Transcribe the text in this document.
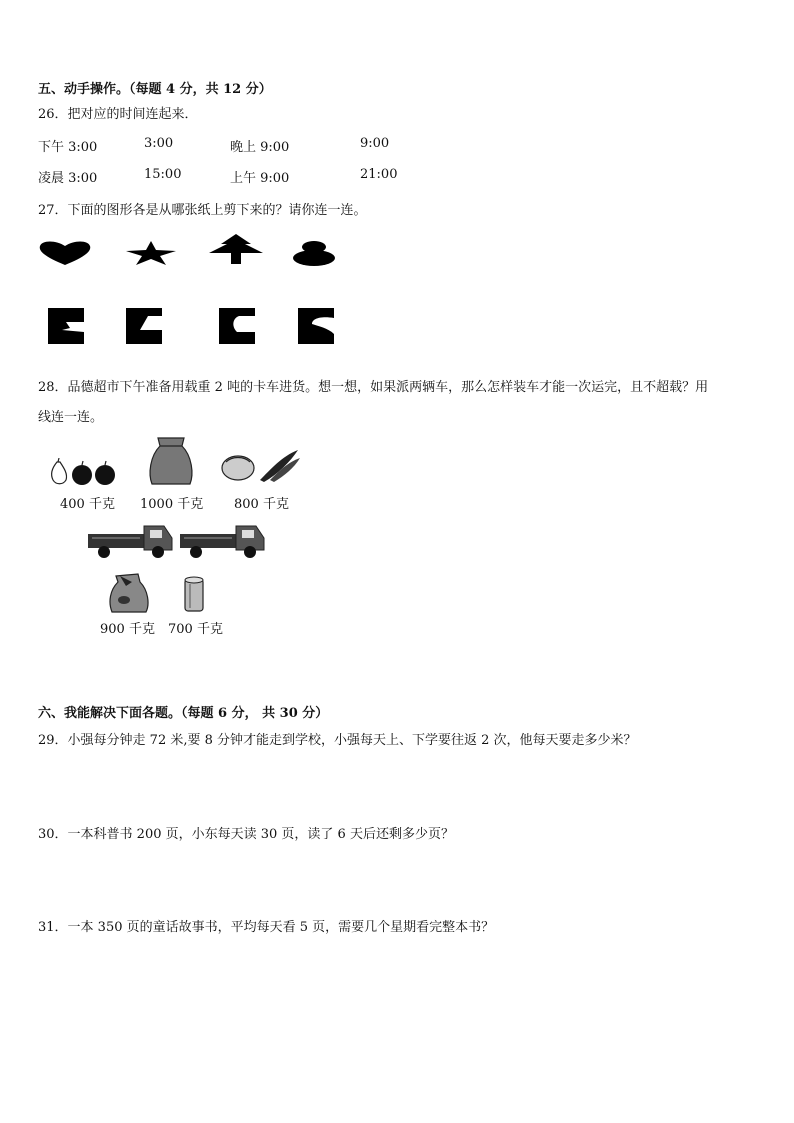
五、动手操作。（每题 4 分，共 12 分）
26．把对应的时间连起来．
下午 3:00	3:00	晚上 9:00	9:00
凌晨 3:00	15:00	上午 9:00	21:00
27．下面的图形各是从哪张纸上剪下来的？请你连一连。
28．品德超市下午准备用载重 2 吨的卡车进货。想一想，如果派两辆车，那么怎样装车才能一次运完，且不超载？用
线连一连。
400 千克 1000 千克 800 千克
900 千克 700 千克
六、我能解决下面各题。（每题 6 分， 共 30 分）
29．小强每分钟走 72 米,要 8 分钟才能走到学校，小强每天上、下学要往返 2 次，他每天要走多少米？
30．一本科普书 200 页，小东每天读 30 页，读了 6 天后还剩多少页？
31．一本 350 页的童话故事书，平均每天看 5 页，需要几个星期看完整本书？
